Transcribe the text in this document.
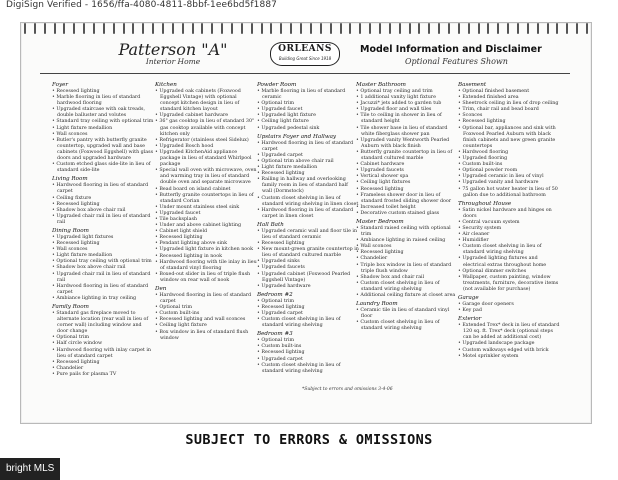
DigiSign Verified - 1656/ffa-4080-4811-8bbf-1ee6bd5f1887
Patterson "A"
Interior Home
ORLEANS
Building Great Since 1918
Model Information and Disclaimer
Optional Features Shown
Foyer
• Recessed lighting
• Marble flooring in lieu of standard hardwood flooring
• Upgraded staircase with oak treads, double balluster and volutes
• Standard tray ceiling with optional trim
• Light fixture medallion
• Wall sconces
• Butler's pantry with butterfly granite countertop, upgraded wall and base cabinets (Foxwood Eggshell) with glass doors and upgraded hardware
• Custom etched glass side-lite in lieu of standard side-lite
Living Room
• Hardwood flooring in lieu of standard carpet
• Ceiling fixture
• Recessed lighting
• Shadow box above chair rail
• Upgraded chair rail in lieu of standard rail
Dining Room
• Upgraded light fixtures
• Recessed lighting
• Wall sconces
• Light fixture medallion
• Optional tray ceiling with optional trim
• Shadow box above chair rail
• Upgraded chair rail in lieu of standard rail
• Hardwood flooring in lieu of standard carpet
• Ambiance lighting in tray ceiling
Family Room
• Standard gas fireplace moved to alternate location (rear wall in lieu of corner wall) including window and door change
• Optional trim
• Half circle window
• Hardwood flooring with inlay carpet in lieu of standard carpet
• Recessed lighting
• Chandelier
• Pure pails for plasma TV
Kitchen
• Upgraded oak cabinets (Foxwood Eggshell Vintage) with optional concept kitchen design in lieu of standard kitchen layout
• Upgraded cabinet hardware
• 36" gas cooktop in lieu of standard 30" gas cooktop available with concept kitchen only
• Refrigerator (stainless steel Sidelux)
• Upgraded Bosch hood
• Upgraded KitchenAid appliance package in lieu of standard Whirlpool package
• Special wall oven with microwave, oven and warming tray in lieu of standard double oven and separate microwave
• Bead board on island cabinet
• Butterfly granite countertops in lieu of standard Corian
• Under mount stainless steel sink
• Upgraded faucet
• Tile backsplash
• Under and above cabinet lighting
• Cabinet light shield
• Recessed lighting
• Pendant lighting above sink
• Upgraded light fixture in kitchen nook
• Recessed lighting in nook
• Hardwood flooring with tile inlay in lieu of standard vinyl flooring
• Boxed-out slider in lieu of triple flush window on rear wall of nook
Den
• Hardwood flooring in lieu of standard carpet
• Optional trim
• Custom built-ins
• Recessed lighting and wall sconces
• Ceiling light fixture
• Box window in lieu of standard flush window
Powder Room
• Marble flooring in lieu of standard ceramic
• Optional trim
• Upgraded faucet
• Upgraded light fixture
• Ceiling light fixture
• Upgraded pedestal sink
Upstairs Foyer and Hallway
• Hardwood flooring in lieu of standard carpet
• Upgraded carpet
• Optional trim above chair rail
• Light fixture medallion
• Recessed lighting
• Railing in hallway and overlooking family room in lieu of standard half wall (Dormstock)
• Custom closet shelving in lieu of standard wiring shelving in linen closet
• Hardwood flooring in lieu of standard carpet in linen closet
Hall Bath
• Upgraded ceramic wall and floor tile in lieu of standard ceramic
• Recessed lighting
• New mount-green granite countertop in lieu of standard cultured marble
• Upgraded sinks
• Upgraded faucets
• Upgraded cabinet (Foxwood Pearled Eggshell Vintage)
• Upgraded hardware
Bedroom #2
• Optional trim
• Recessed lighting
• Upgraded carpet
• Custom closet shelving in lieu of standard wiring shelving
Bedroom #3
• Optional trim
• Custom built-ins
• Recessed lighting
• Upgraded carpet
• Custom closet shelving in lieu of standard wiring shelving
Master Bathroom
• Optional tray ceiling and trim
• 1 additional vanity light fixture
• Jacuzzi* jets added to garden tub
• Upgraded floor and wall tiles
• Tile to ceiling in shower in lieu of standard height
• Tile shower base in lieu of standard white fiberglass shower pan
• Upgraded vanity Wentworth Pearled Auburn with black finish
• Butterfly granite countertop in lieu of standard cultured marble
• Cabinet hardware
• Upgraded faucets
• Vertical shower spa
• Ceiling light fixtures
• Recessed lighting
• Frameless shower door in lieu of standard frosted sliding shower door
• Increased toilet height
• Decorative custom stained glass
Master Bedroom
• Standard raised ceiling with optional trim
• Ambiance lighting in raised ceiling
• Wall sconces
• Recessed lighting
• Chandelier
• Triple box window in lieu of standard triple flush window
• Shadow box and chair rail
• Custom closet shelving in lieu of standard wiring shelving
• Additional ceiling fixture at closet area
Laundry Room
• Ceramic tile in lieu of standard vinyl floor
• Custom closet shelving in lieu of standard wiring shelving
Basement
• Optional finished basement
• Extended finished area
• Sheetrock ceiling in lieu of drop ceiling
• Trim, chair rail and bead board
• Sconces
• Recessed lighting
• Optional bar, appliances and sink with Foxwood Pearled Auburn with black finish cabinets and new green granite countertops
• Hardwood flooring
• Upgraded flooring
• Custom built-ins
• Optional powder room
• Upgraded ceramic in lieu of vinyl
• Upgraded vanity and hardware
• 75 gallon hot water heater in lieu of 50 gallon due to additional bathroom
Throughout House
• Satin nickel hardware and hinges on doors
• Central vacuum system
• Security system
• Air cleaner
• Humidifier
• Custom closet shelving in lieu of standard wiring shelving
• Upgraded lighting fixtures and electrical extras throughout home
• Optional dimmer switches
• Wallpaper, custom painting, window treatments, furniture, decorative items (not available for purchase)
Garage
• Garage door openers
• Key pad
Exterior
• Extended Trex* deck in lieu of standard 120 sq. ft. Trex* deck (optional steps can be added at additional cost)
• Upgraded landscape package
• Custom walkways edged with brick
• Motel sprinkler system
*Subject to errors and omissions 3-4-06
SUBJECT TO ERRORS & OMISSIONS
bright MLS
